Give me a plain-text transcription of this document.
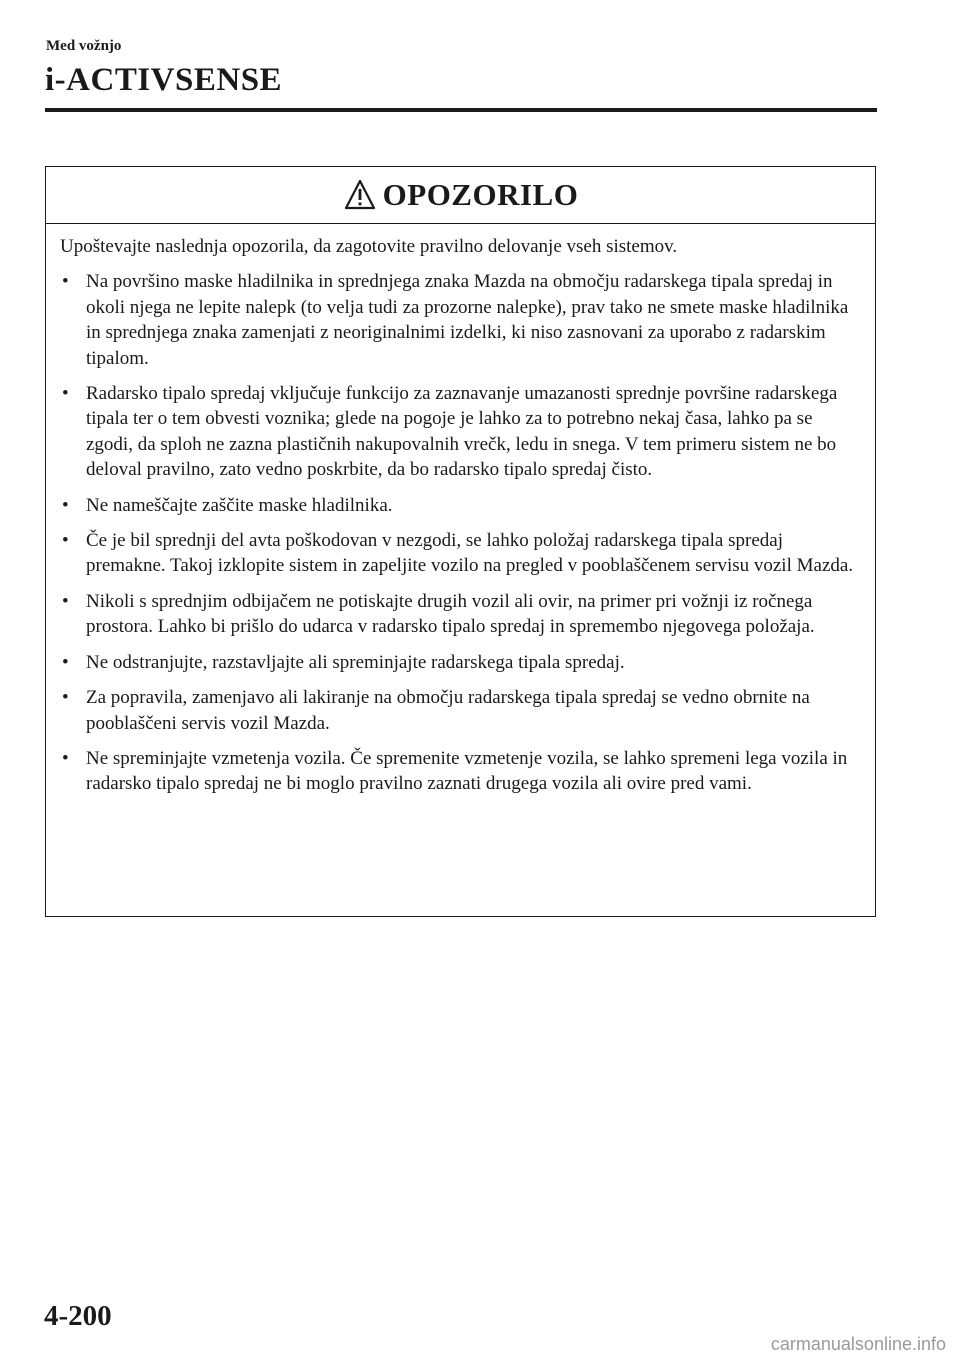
Med vožnjo
i-ACTIVSENSE
OPOZORILO

Upoštevajte naslednja opozorila, da zagotovite pravilno delovanje vseh sistemov.

• Na površino maske hladilnika in sprednjega znaka Mazda na območju radarskega tipala spredaj in okoli njega ne lepite nalepk (to velja tudi za prozorne nalepke), prav tako ne smete maske hladilnika in sprednjega znaka zamenjati z neoriginalnimi izdelki, ki niso zasnovani za uporabo z radarskim tipalom.
• Radarsko tipalo spredaj vključuje funkcijo za zaznavanje umazanosti sprednje površine radarskega tipala ter o tem obvesti voznika; glede na pogoje je lahko za to potrebno nekaj časa, lahko pa se zgodi, da sploh ne zazna plastičnih nakupovalnih vrečk, ledu in snega. V tem primeru sistem ne bo deloval pravilno, zato vedno poskrbite, da bo radarsko tipalo spredaj čisto.
• Ne nameščajte zaščite maske hladilnika.
• Če je bil sprednji del avta poškodovan v nezgodi, se lahko položaj radarskega tipala spredaj premakne. Takoj izklopite sistem in zapeljite vozilo na pregled v pooblaščenem servisu vozil Mazda.
• Nikoli s sprednjim odbijačem ne potiskajte drugih vozil ali ovir, na primer pri vožnji iz ročnega prostora. Lahko bi prišlo do udarca v radarsko tipalo spredaj in spremembo njegovega položaja.
• Ne odstranjujte, razstavljajte ali spreminjajte radarskega tipala spredaj.
• Za popravila, zamenjavo ali lakiranje na območju radarskega tipala spredaj se vedno obrnite na pooblaščeni servis vozil Mazda.
• Ne spreminjajte vzmetenja vozila. Če spremenite vzmetenje vozila, se lahko spremeni lega vozila in radarsko tipalo spredaj ne bi moglo pravilno zaznati drugega vozila ali ovire pred vami.
4-200
carmanualsonline.info
